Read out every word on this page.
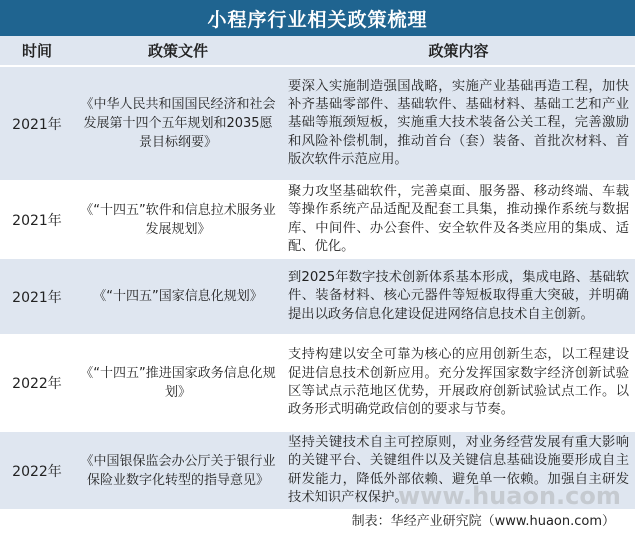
小程序行业相关政策梳理
时间	政策文件	政策内容
2021年	《中华人民共和国国民经济和社会发展第十四个五年规划和2035愿景目标纲要》	要深入实施制造强国战略，实施产业基础再造工程，加快补齐基础零部件、基础软件、基础材料、基础工艺和产业基础等瓶颈短板，实施重大技术装备公关工程，完善激励和风险补偿机制，推动首台（套）装备、首批次材料、首版次软件示范应用。
2021年	《“十四五”软件和信息拉术服务业发展规划》	聚力攻坚基础软件，完善桌面、服务器、移动终端、车载等操作系统产品适配及配套工具集，推动操作系统与数据库、中间件、办公套件、安全软件及各类应用的集成、适配、优化。
2021年	《“十四五”国家信息化规划》	到2025年数字技术创新体系基本形成，集成电路、基础软件、装备材料、核心元器件等短板取得重大突破，并明确提出以政务信息化建设促进网络信息技术自主创新。
2022年	《“十四五”推进国家政务信息化规划》	支持构建以安全可靠为核心的应用创新生态，以工程建设促进信息技术创新应用。充分发挥国家数字经济创新试验区等试点示范地区优势，开展政府创新试验试点工作。以政务形式明确党政信创的要求与节奏。
2022年	《中国银保监会办公厅关于银行业保险业数字化转型的指导意见》	坚持关键技术自主可控原则，对业务经营发展有重大影响的关键平台、关键组件以及关键信息基础设施要形成自主研发能力，降低外部依赖、避免单一依赖。加强自主研发技术知识产权保护。
www.huaon.com
制表：华经产业研究院（www.huaon.com）
